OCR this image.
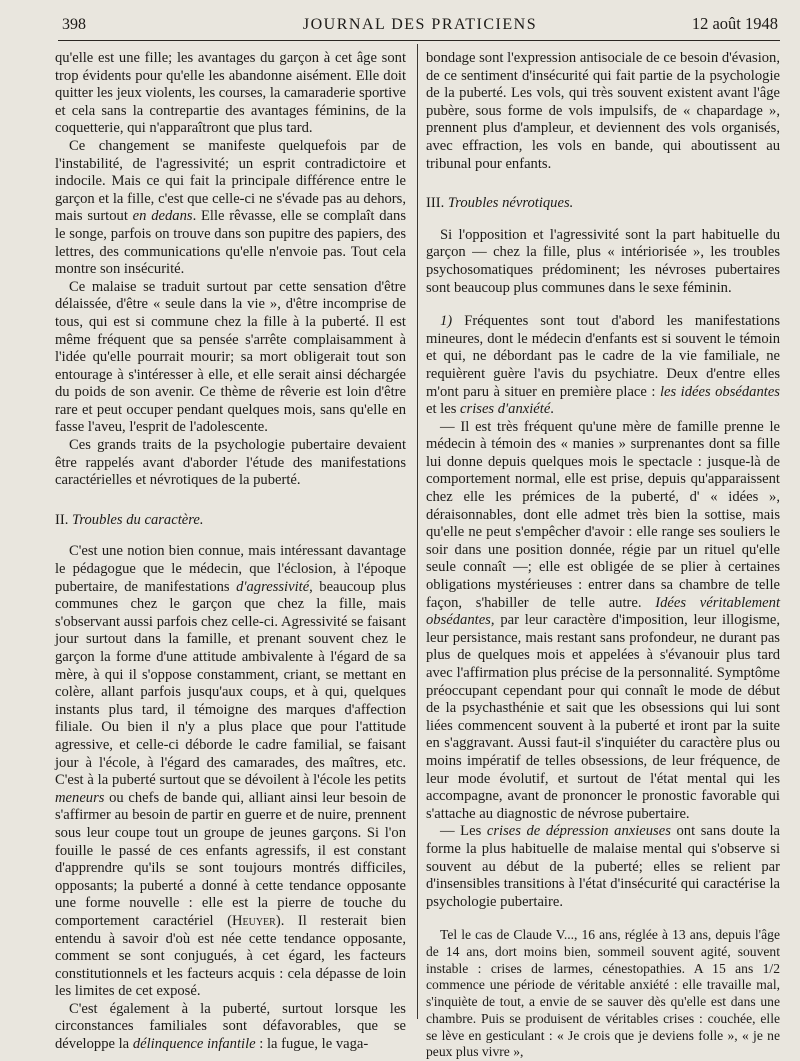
398	JOURNAL DES PRATICIENS	12 août 1948

qu'elle est une fille; les avantages du garçon à cet âge sont trop évidents pour qu'elle les abandonne aisément. Elle doit quitter les jeux violents, les courses, la camaraderie sportive et cela sans la contrepartie des avantages féminins, de la coquetterie, qui n'apparaîtront que plus tard.

Ce changement se manifeste quelquefois par de l'instabilité, de l'agressivité; un esprit contradictoire et indocile. Mais ce qui fait la principale différence entre le garçon et la fille, c'est que celle-ci ne s'évade pas au dehors, mais surtout en dedans. Elle rêvasse, elle se complaît dans le songe, parfois on trouve dans son pupitre des papiers, des lettres, des communications qu'elle n'envoie pas. Tout cela montre son insécurité.

Ce malaise se traduit surtout par cette sensation d'être délaissée, d'être « seule dans la vie », d'être incomprise de tous, qui est si commune chez la fille à la puberté. Il est même fréquent que sa pensée s'arrête complaisamment à l'idée qu'elle pourrait mourir; sa mort obligerait tout son entourage à s'intéresser à elle, et elle serait ainsi déchargée du poids de son avenir. Ce thème de rêverie est loin d'être rare et peut occuper pendant quelques mois, sans qu'elle en fasse l'aveu, l'esprit de l'adolescente.

Ces grands traits de la psychologie pubertaire devaient être rappelés avant d'aborder l'étude des manifestations caractérielles et névrotiques de la puberté.

II. Troubles du caractère.

C'est une notion bien connue, mais intéressant davantage le pédagogue que le médecin, que l'éclosion, à l'époque pubertaire, de manifestations d'agressivité, beaucoup plus communes chez le garçon que chez la fille, mais s'observant aussi parfois chez celle-ci. Agressivité se faisant jour surtout dans la famille, et prenant souvent chez le garçon la forme d'une attitude ambivalente à l'égard de sa mère, à qui il s'oppose constamment, criant, se mettant en colère, allant parfois jusqu'aux coups, et à qui, quelques instants plus tard, il témoigne des marques d'affection filiale. Ou bien il n'y a plus place que pour l'attitude agressive, et celle-ci déborde le cadre familial, se faisant jour à l'école, à l'égard des camarades, des maîtres, etc. C'est à la puberté surtout que se dévoilent à l'école les petits meneurs ou chefs de bande qui, alliant ainsi leur besoin de s'affirmer au besoin de partir en guerre et de nuire, prennent sous leur coupe tout un groupe de jeunes garçons. Si l'on fouille le passé de ces enfants agressifs, il est constant d'apprendre qu'ils se sont toujours montrés difficiles, opposants; la puberté a donné à cette tendance opposante une forme nouvelle : elle est la pierre de touche du comportement caractériel (Heuyer). Il resterait bien entendu à savoir d'où est née cette tendance opposante, comment se sont conjugués, à cet égard, les facteurs constitutionnels et les facteurs acquis : cela dépasse de loin les limites de cet exposé.

C'est également à la puberté, surtout lorsque les circonstances familiales sont défavorables, que se développe la délinquence infantile : la fugue, le vaga-

bondage sont l'expression antisociale de ce besoin d'évasion, de ce sentiment d'insécurité qui fait partie de la psychologie de la puberté. Les vols, qui très souvent existent avant l'âge pubère, sous forme de vols impulsifs, de « chapardage », prennent plus d'ampleur, et deviennent des vols organisés, avec effraction, les vols en bande, qui aboutissent au tribunal pour enfants.

III. Troubles névrotiques.

Si l'opposition et l'agressivité sont la part habituelle du garçon — chez la fille, plus « intériorisée », les troubles psychosomatiques prédominent; les névroses pubertaires sont beaucoup plus communes dans le sexe féminin.

1) Fréquentes sont tout d'abord les manifestations mineures, dont le médecin d'enfants est si souvent le témoin et qui, ne débordant pas le cadre de la vie familiale, ne requièrent guère l'avis du psychiatre. Deux d'entre elles m'ont paru à situer en première place : les idées obsédantes et les crises d'anxiété.

— Il est très fréquent qu'une mère de famille prenne le médecin à témoin des « manies » surprenantes dont sa fille lui donne depuis quelques mois le spectacle : jusque-là de comportement normal, elle est prise, depuis qu'apparaissent chez elle les prémices de la puberté, d' « idées », déraisonnables, dont elle admet très bien la sottise, mais qu'elle ne peut s'empêcher d'avoir : elle range ses souliers le soir dans une position donnée, régie par un rituel qu'elle seule connaît —; elle est obligée de se plier à certaines obligations mystérieuses : entrer dans sa chambre de telle façon, s'habiller de telle autre. Idées véritablement obsédantes, par leur caractère d'imposition, leur illogisme, leur persistance, mais restant sans profondeur, ne durant pas plus de quelques mois et appelées à s'évanouir plus tard avec l'affirmation plus précise de la personnalité. Symptôme préoccupant cependant pour qui connaît le mode de début de la psychasthénie et sait que les obsessions qui lui sont liées commencent souvent à la puberté et iront par la suite en s'aggravant. Aussi faut-il s'inquiéter du caractère plus ou moins impératif de telles obsessions, de leur fréquence, de leur mode évolutif, et surtout de l'état mental qui les accompagne, avant de prononcer le pronostic favorable qui s'attache au diagnostic de névrose pubertaire.

— Les crises de dépression anxieuses ont sans doute la forme la plus habituelle de malaise mental qui s'observe si souvent au début de la puberté; elles se relient par d'insensibles transitions à l'état d'insécurité qui caractérise la psychologie pubertaire.

Tel le cas de Claude V..., 16 ans, réglée à 13 ans, depuis l'âge de 14 ans, dort moins bien, sommeil souvent agité, souvent instable : crises de larmes, cénestopathies. A 15 ans 1/2 commence une période de véritable anxiété : elle travaille mal, s'inquiète de tout, a envie de se sauver dès qu'elle est dans une chambre. Puis se produisent de véritables crises : couchée, elle se lève en gesticulant : « Je crois que je deviens folle », « je ne peux plus vivre »,
